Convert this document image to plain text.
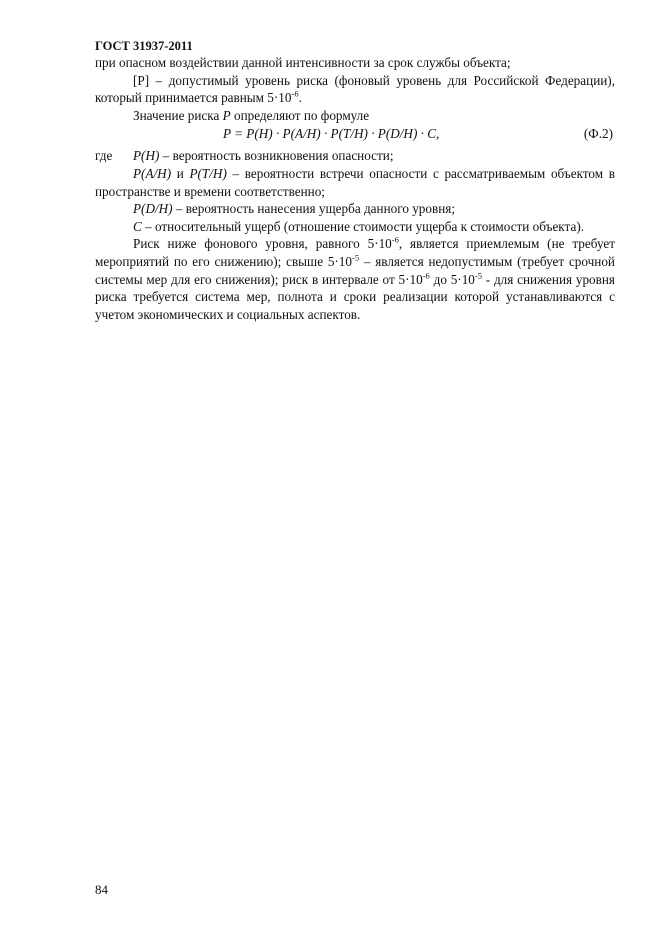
ГОСТ 31937-2011

при опасном воздействии данной интенсивности за срок службы объекта;

[P] – допустимый уровень риска (фоновый уровень для Российской Федерации), который принимается равным $5\cdot 10^{-6}$.

Значение риска P определяют по формуле

P = P(H) · P(A/H) · P(T/H) · P(D/H) · C,	(Ф.2)

где P(H) – вероятность возникновения опасности;

P(A/H) и P(T/H) – вероятности встречи опасности с рассматриваемым объектом в пространстве и времени соответственно;

P(D/H) – вероятность нанесения ущерба данного уровня;

C – относительный ущерб (отношение стоимости ущерба к стоимости объекта).

Риск ниже фонового уровня, равного $5\cdot 10^{-6}$, является приемлемым (не требует мероприятий по его снижению); свыше $5\cdot 10^{-5}$ – является недопустимым (требует срочной системы мер для его снижения); риск в интервале от $5\cdot 10^{-6}$ до $5\cdot 10^{-5}$ - для снижения уровня риска требуется система мер, полнота и сроки реализации которой устанавливаются с учетом экономических и социальных аспектов.

84
